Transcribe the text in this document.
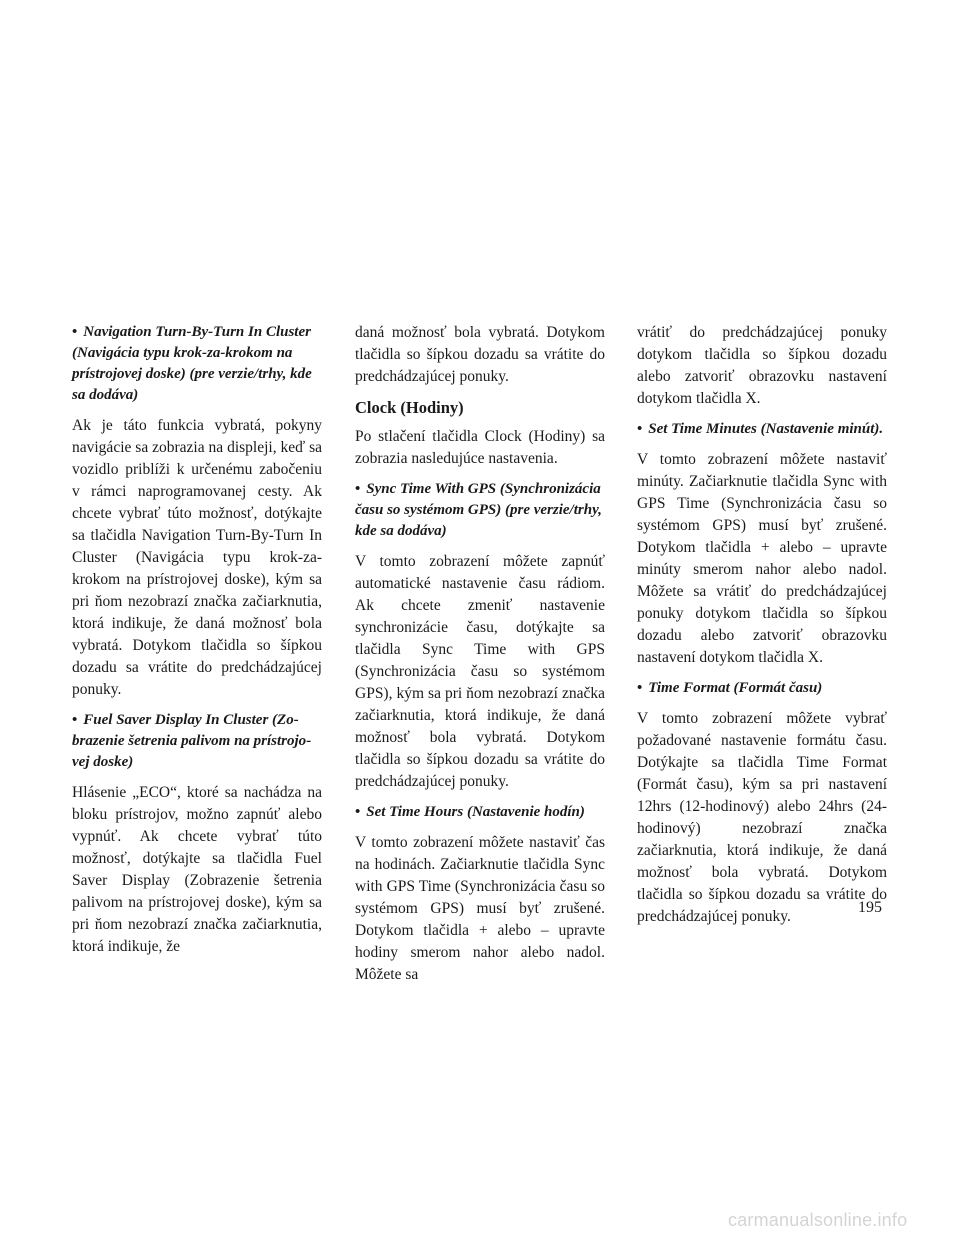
• Navigation Turn-By-Turn In Cluster (Navigácia typu krok-za-krokom na prístrojovej doske) (pre verzie/trhy, kde sa dodáva)

Ak je táto funkcia vybratá, pokyny navigácie sa zobrazia na displeji, keď sa vozidlo priblíži k určenému zabočeniu v rámci naprogramovanej cesty. Ak chcete vybrať túto možnosť, dotýkajte sa tlačidla Navigation Turn-By-Turn In Cluster (Navigácia typu krok-za-krokom na prístrojovej doske), kým sa pri ňom nezobrazí značka začiarknutia, ktorá indikuje, že daná možnosť bola vybratá. Dotykom tlačidla so šípkou dozadu sa vrátite do predchádzajúcej ponuky.

• Fuel Saver Display In Cluster (Zobrazenie šetrenia palivom na prístrojovej doske)

Hlásenie „ECO“, ktoré sa nachádza na bloku prístrojov, možno zapnúť alebo vypnúť. Ak chcete vybrať túto možnosť, dotýkajte sa tlačidla Fuel Saver Display (Zobrazenie šetrenia palivom na prístrojovej doske), kým sa pri ňom nezobrazí značka začiarknutia, ktorá indikuje, že

daná možnosť bola vybratá. Dotykom tlačidla so šípkou dozadu sa vrátite do predchádzajúcej ponuky.

Clock (Hodiny)

Po stlačení tlačidla Clock (Hodiny) sa zobrazia nasledujúce nastavenia.

• Sync Time With GPS (Synchronizácia času so systémom GPS) (pre verzie/trhy, kde sa dodáva)

V tomto zobrazení môžete zapnúť automatické nastavenie času rádiom. Ak chcete zmeniť nastavenie synchronizácie času, dotýkajte sa tlačidla Sync Time with GPS (Synchronizácia času so systémom GPS), kým sa pri ňom nezobrazí značka začiarknutia, ktorá indikuje, že daná možnosť bola vybratá. Dotykom tlačidla so šípkou dozadu sa vrátite do predchádzajúcej ponuky.

• Set Time Hours (Nastavenie hodín)

V tomto zobrazení môžete nastaviť čas na hodinách. Začiarknutie tlačidla Sync with GPS Time (Synchronizácia času so systémom GPS) musí byť zrušené. Dotykom tlačidla + alebo – upravte hodiny smerom nahor alebo nadol. Môžete sa

vrátiť do predchádzajúcej ponuky dotykom tlačidla so šípkou dozadu alebo zatvoriť obrazovku nastavení dotykom tlačidla X.

• Set Time Minutes (Nastavenie minút).

V tomto zobrazení môžete nastaviť minúty. Začiarknutie tlačidla Sync with GPS Time (Synchronizácia času so systémom GPS) musí byť zrušené. Dotykom tlačidla + alebo – upravte minúty smerom nahor alebo nadol. Môžete sa vrátiť do predchádzajúcej ponuky dotykom tlačidla so šípkou dozadu alebo zatvoriť obrazovku nastavení dotykom tlačidla X.

• Time Format (Formát času)

V tomto zobrazení môžete vybrať požadované nastavenie formátu času. Dotýkajte sa tlačidla Time Format (Formát času), kým sa pri nastavení 12hrs (12-hodinový) alebo 24hrs (24-hodinový) nezobrazí značka začiarknutia, ktorá indikuje, že daná možnosť bola vybratá. Dotykom tlačidla so šípkou dozadu sa vrátite do predchádzajúcej ponuky.

195
carmanualsonline.info
